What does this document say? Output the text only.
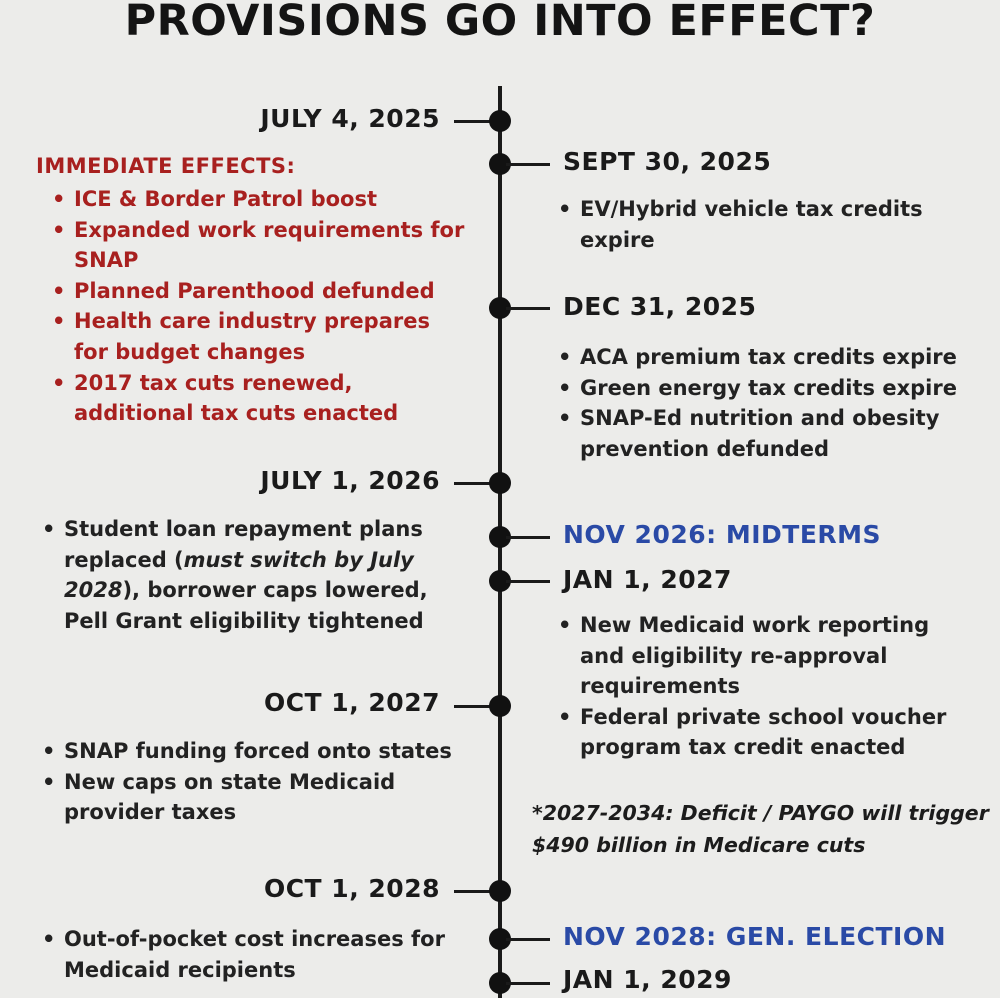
PROVISIONS GO INTO EFFECT?
JULY 4, 2025
IMMEDIATE EFFECTS:
• ICE & Border Patrol boost
• Expanded work requirements for SNAP
• Planned Parenthood defunded
• Health care industry prepares for budget changes
• 2017 tax cuts renewed, additional tax cuts enacted
SEPT 30, 2025
• EV/Hybrid vehicle tax credits expire
DEC 31, 2025
• ACA premium tax credits expire
• Green energy tax credits expire
• SNAP-Ed nutrition and obesity prevention defunded
JULY 1, 2026
• Student loan repayment plans replaced (must switch by July 2028), borrower caps lowered, Pell Grant eligibility tightened
NOV 2026: MIDTERMS
JAN 1, 2027
• New Medicaid work reporting and eligibility re-approval requirements
• Federal private school voucher program tax credit enacted
OCT 1, 2027
• SNAP funding forced onto states
• New caps on state Medicaid provider taxes	*2027-2034: Deficit / PAYGO will trigger $490 billion in Medicare cuts
OCT 1, 2028
• Out-of-pocket cost increases for Medicaid recipients
NOV 2028: GEN. ELECTION
JAN 1, 2029
